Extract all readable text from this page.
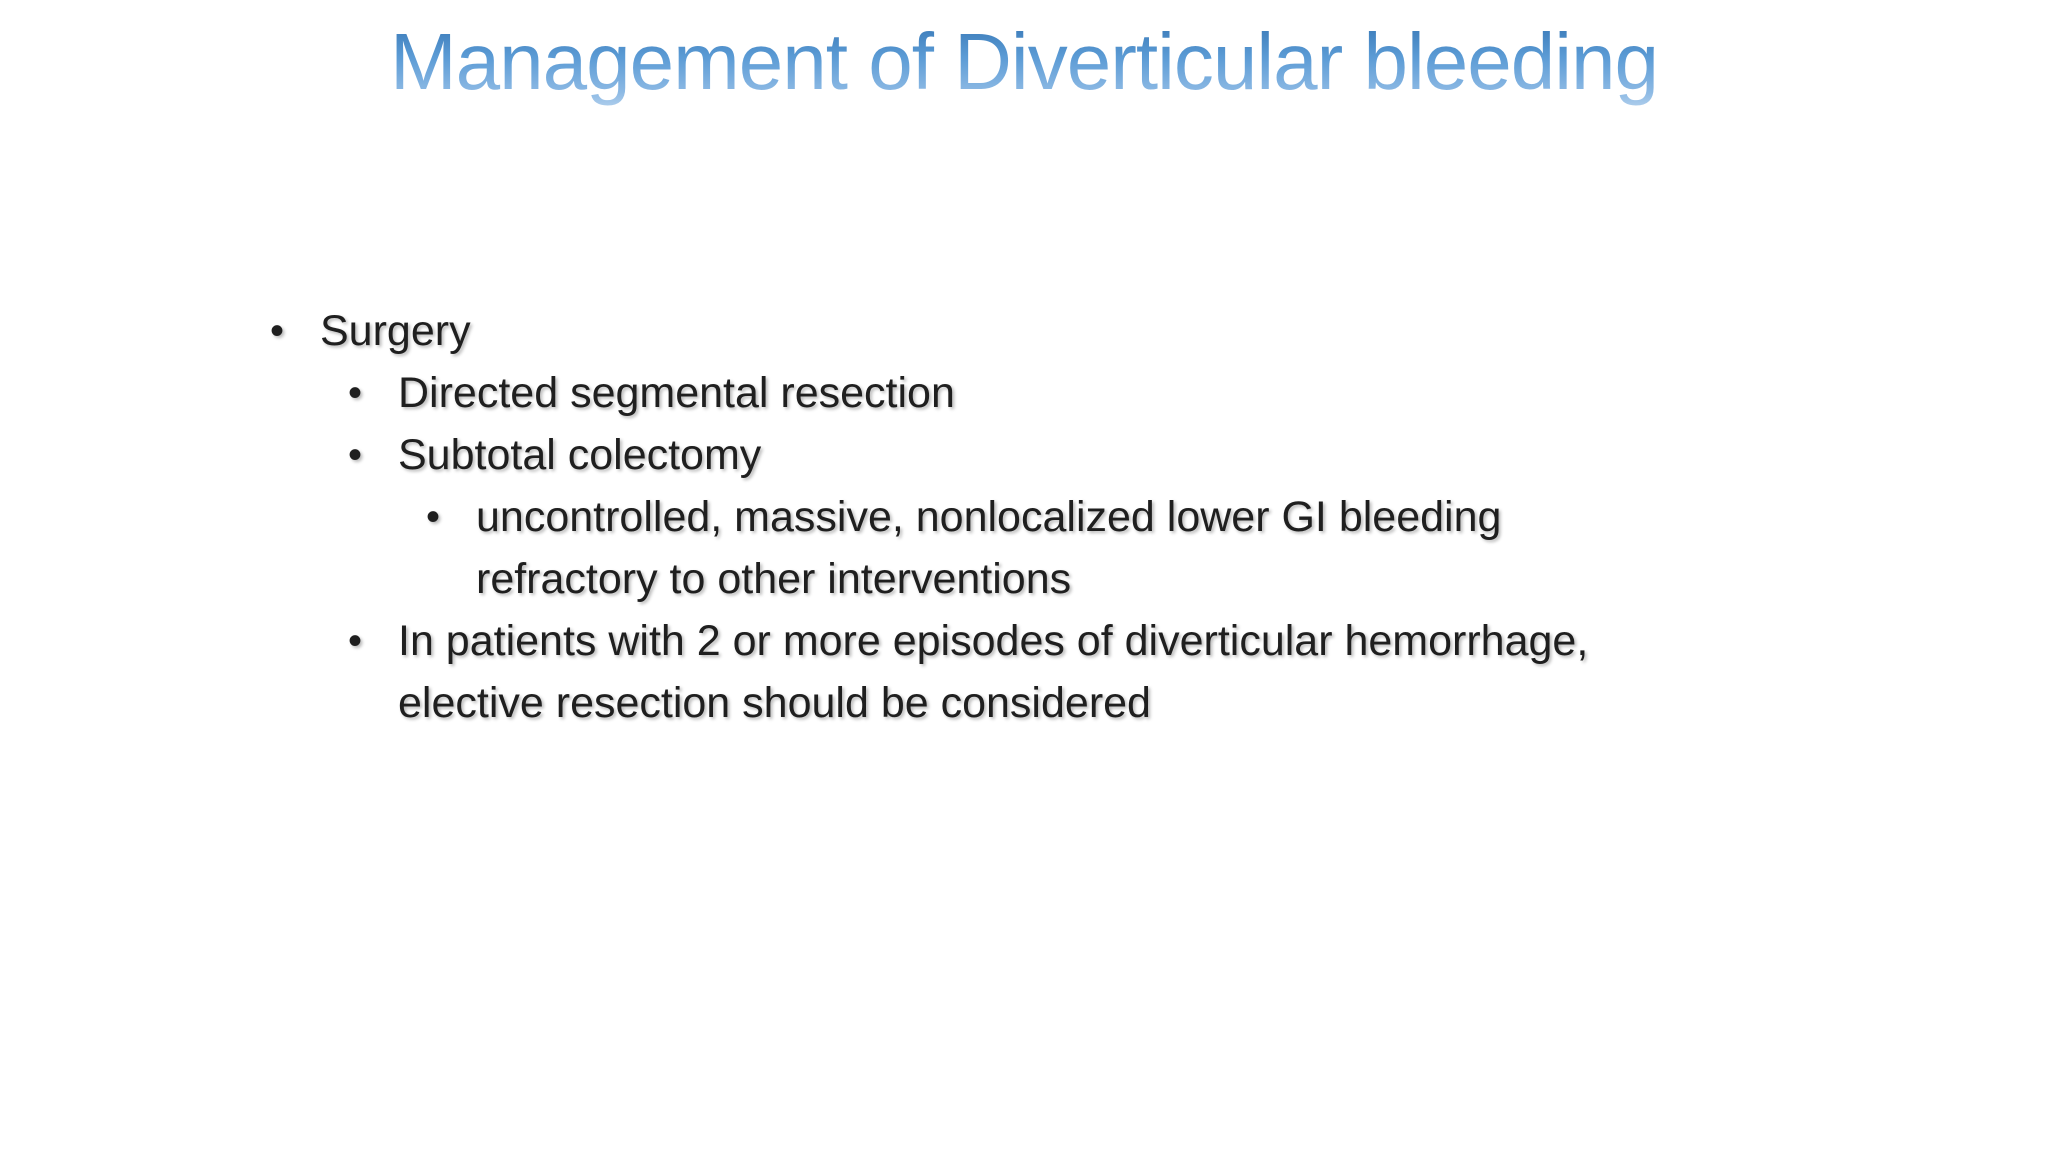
Management of Diverticular bleeding
• Surgery
• Directed segmental resection
• Subtotal colectomy
• uncontrolled, massive, nonlocalized lower GI bleeding refractory to other interventions
• In patients with 2 or more episodes of diverticular hemorrhage, elective resection should be considered
